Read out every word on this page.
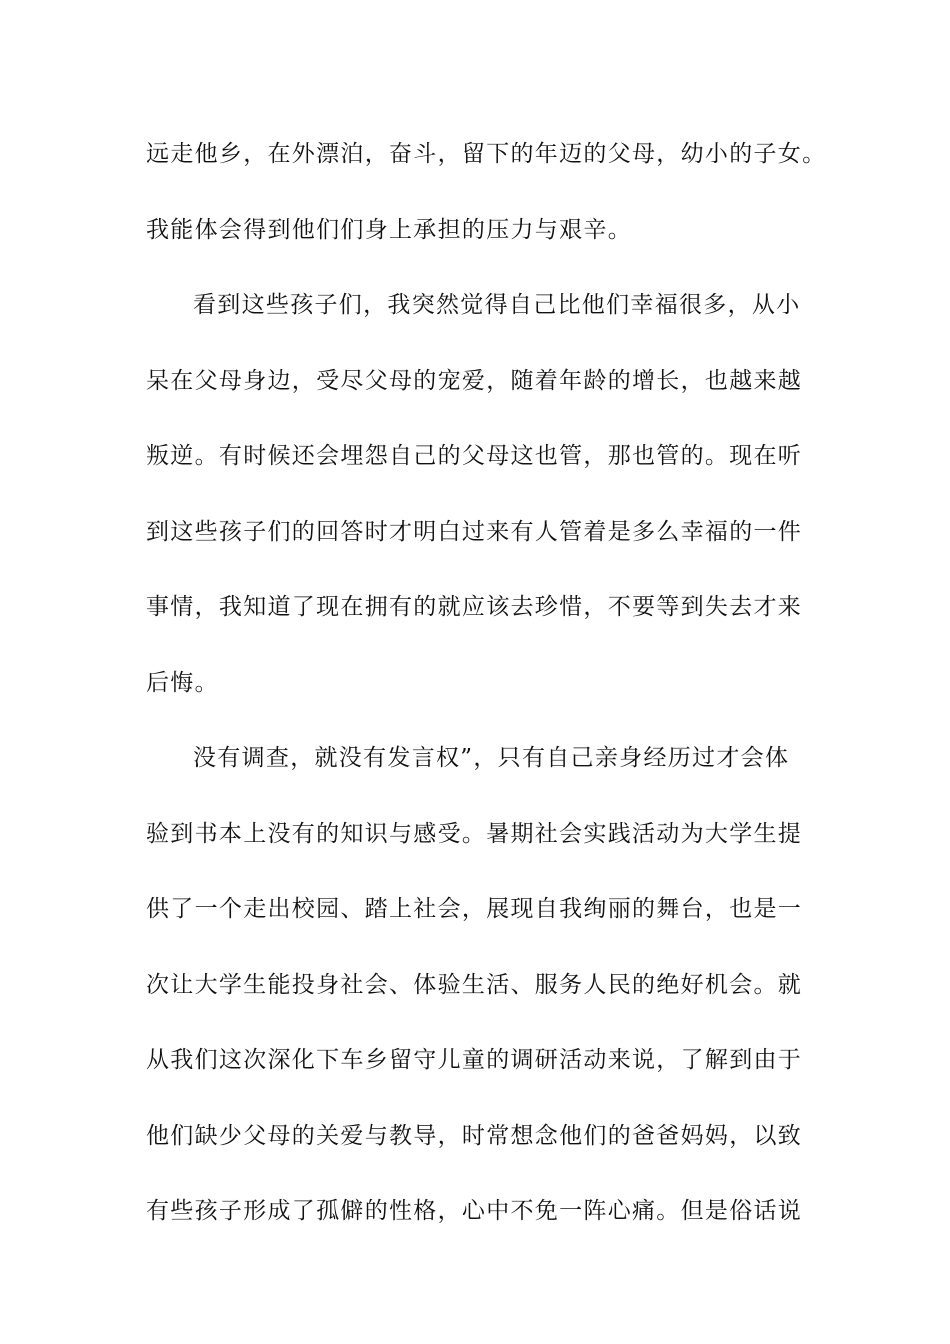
远走他乡，在外漂泊，奋斗，留下的年迈的父母，幼小的子女。
我能体会得到他们们身上承担的压力与艰辛。
看到这些孩子们，我突然觉得自己比他们幸福很多，从小
呆在父母身边，受尽父母的宠爱，随着年龄的增长，也越来越
叛逆。有时候还会埋怨自己的父母这也管，那也管的。现在听
到这些孩子们的回答时才明白过来有人管着是多么幸福的一件
事情，我知道了现在拥有的就应该去珍惜，不要等到失去才来
后悔。
没有调查，就没有发言权”，只有自己亲身经历过才会体
验到书本上没有的知识与感受。暑期社会实践活动为大学生提
供了一个走出校园、踏上社会，展现自我绚丽的舞台，也是一
次让大学生能投身社会、体验生活、服务人民的绝好机会。就
从我们这次深化下车乡留守儿童的调研活动来说，了解到由于
他们缺少父母的关爱与教导，时常想念他们的爸爸妈妈，以致
有些孩子形成了孤僻的性格，心中不免一阵心痛。但是俗话说
